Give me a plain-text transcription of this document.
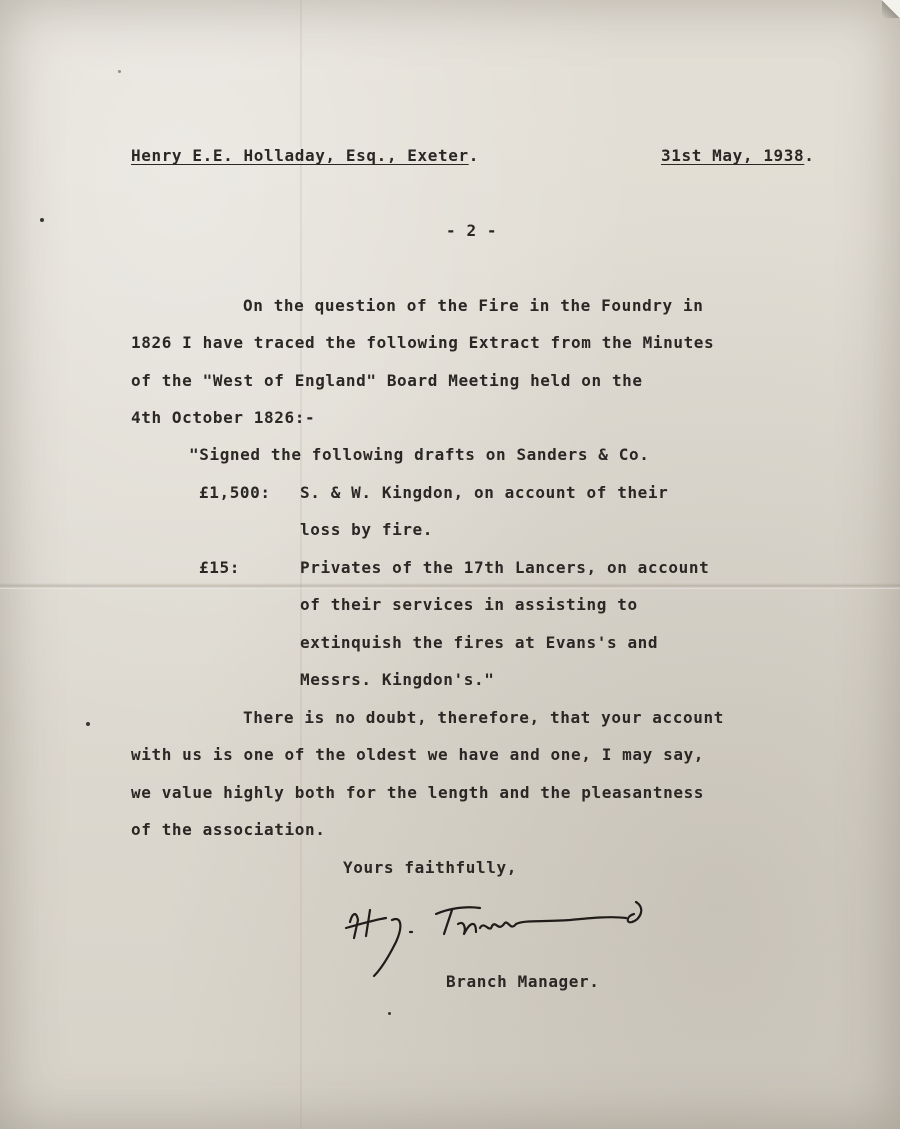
Henry E.E. Holladay, Esq., Exeter.	31st May, 1938.
- 2 -
On the question of the Fire in the Foundry in
1826 I have traced the following Extract from the Minutes
of the "West of England" Board Meeting held on the
4th October 1826:-
"Signed the following drafts on Sanders & Co.
£1,500: S. & W. Kingdon, on account of their
loss by fire.
£15:	Privates of the 17th Lancers, on account
of their services in assisting to
extinquish the fires at Evans's and
Messrs. Kingdon's."
There is no doubt, therefore, that your account
with us is one of the oldest we have and one, I may say,
we value highly both for the length and the pleasantness
of the association.
Yours faithfully,
Branch Manager.
